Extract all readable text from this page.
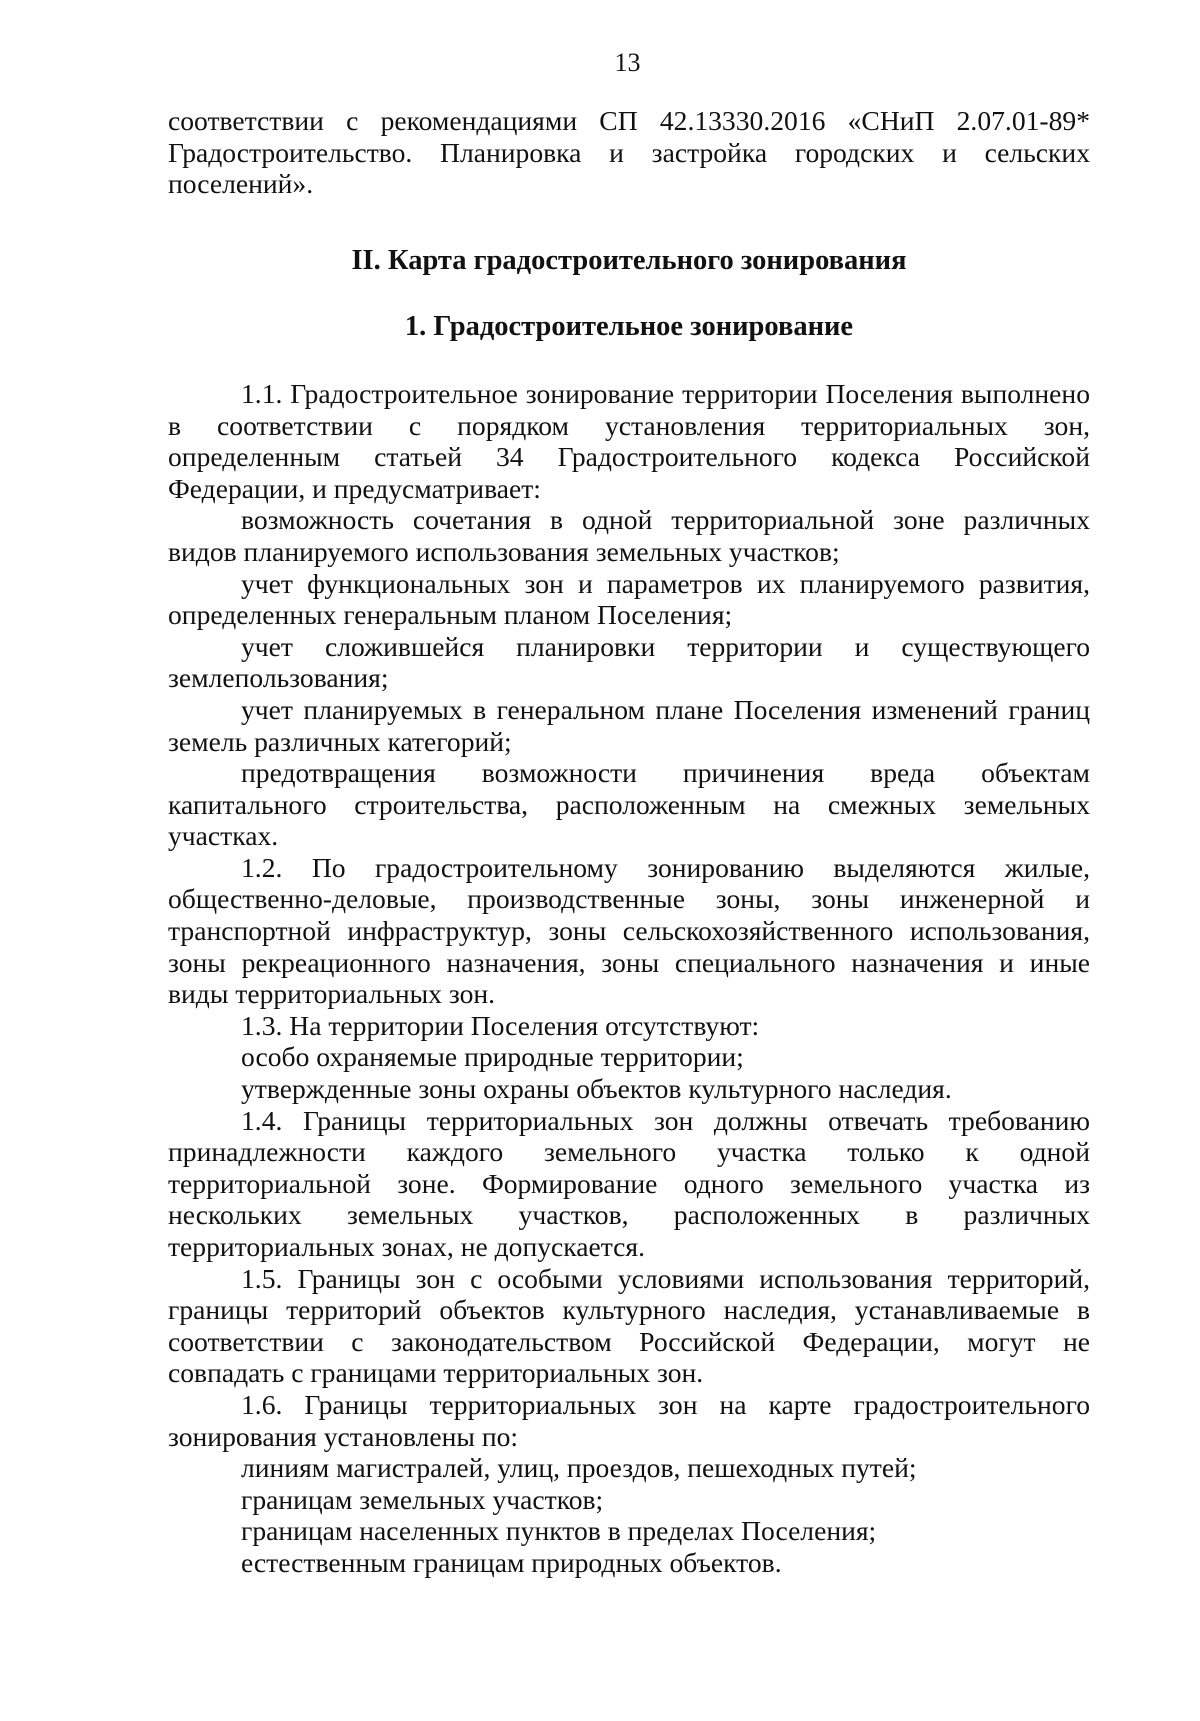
13

соответствии с рекомендациями СП 42.13330.2016 «СНиП 2.07.01-89* Градостроительство. Планировка и застройка городских и сельских поселений».

II. Карта градостроительного зонирования

1. Градостроительное зонирование

1.1. Градостроительное зонирование территории Поселения выполнено в соответствии с порядком установления территориальных зон, определенным статьей 34 Градостроительного кодекса Российской Федерации, и предусматривает:

возможность сочетания в одной территориальной зоне различных видов планируемого использования земельных участков;

учет функциональных зон и параметров их планируемого развития, определенных генеральным планом Поселения;

учет сложившейся планировки территории и существующего землепользования;

учет планируемых в генеральном плане Поселения изменений границ земель различных категорий;

предотвращения возможности причинения вреда объектам капитального строительства, расположенным на смежных земельных участках.

1.2. По градостроительному зонированию выделяются жилые, общественно-деловые, производственные зоны, зоны инженерной и транспортной инфраструктур, зоны сельскохозяйственного использования, зоны рекреационного назначения, зоны специального назначения и иные виды территориальных зон.

1.3. На территории Поселения отсутствуют:

особо охраняемые природные территории;

утвержденные зоны охраны объектов культурного наследия.

1.4. Границы территориальных зон должны отвечать требованию принадлежности каждого земельного участка только к одной территориальной зоне. Формирование одного земельного участка из нескольких земельных участков, расположенных в различных территориальных зонах, не допускается.

1.5. Границы зон с особыми условиями использования территорий, границы территорий объектов культурного наследия, устанавливаемые в соответствии с законодательством Российской Федерации, могут не совпадать с границами территориальных зон.

1.6. Границы территориальных зон на карте градостроительного зонирования установлены по:

линиям магистралей, улиц, проездов, пешеходных путей;

границам земельных участков;

границам населенных пунктов в пределах Поселения;

естественным границам природных объектов.
